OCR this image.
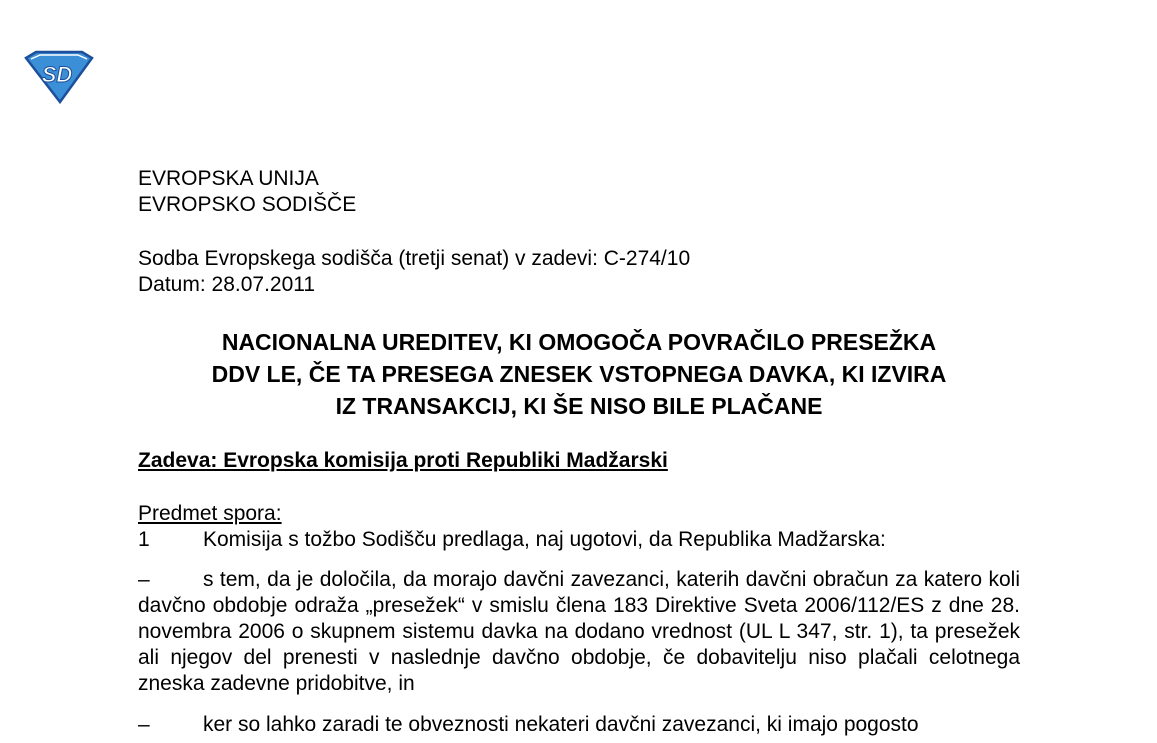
SD
EVROPSKA UNIJA
EVROPSKO SODIŠČE
Sodba Evropskega sodišča (tretji senat) v zadevi: C-274/10
Datum: 28.07.2011
NACIONALNA UREDITEV, KI OMOGOČA POVRAČILO PRESEŽKA
DDV LE, ČE TA PRESEGA ZNESEK VSTOPNEGA DAVKA, KI IZVIRA
IZ TRANSAKCIJ, KI ŠE NISO BILE PLAČANE
Zadeva: Evropska komisija proti Republiki Madžarski
Predmet spora:
1	Komisija s tožbo Sodišču predlaga, naj ugotovi, da Republika Madžarska:
–	s tem, da je določila, da morajo davčni zavezanci, katerih davčni obračun za katero koli davčno obdobje odraža „presežek“ v smislu člena 183 Direktive Sveta 2006/112/ES z dne 28. novembra 2006 o skupnem sistemu davka na dodano vrednost (UL L 347, str. 1), ta presežek ali njegov del prenesti v naslednje davčno obdobje, če dobavitelju niso plačali celotnega zneska zadevne pridobitve, in
–	ker so lahko zaradi te obveznosti nekateri davčni zavezanci, ki imajo pogosto
